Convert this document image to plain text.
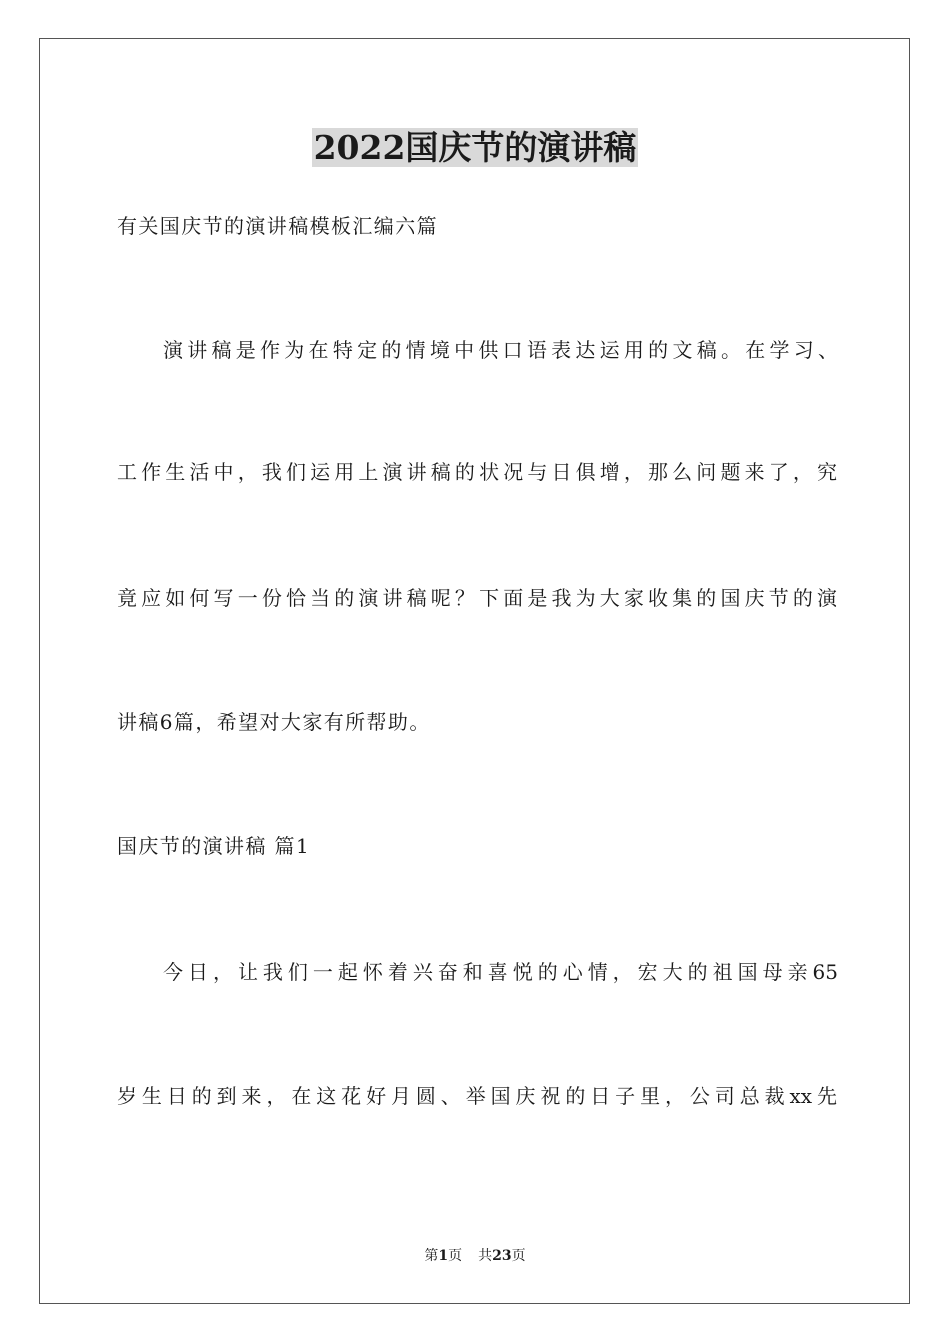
2022国庆节的演讲稿

有关国庆节的演讲稿模板汇编六篇

演讲稿是作为在特定的情境中供口语表达运用的文稿。在学习、

工作生活中，我们运用上演讲稿的状况与日俱增，那么问题来了，究

竟应如何写一份恰当的演讲稿呢？下面是我为大家收集的国庆节的演

讲稿6篇，希望对大家有所帮助。

国庆节的演讲稿 篇1

今日，让我们一起怀着兴奋和喜悦的心情，宏大的祖国母亲65

岁生日的到来，在这花好月圆、举国庆祝的日子里，公司总裁xx先

第1页 共23页
